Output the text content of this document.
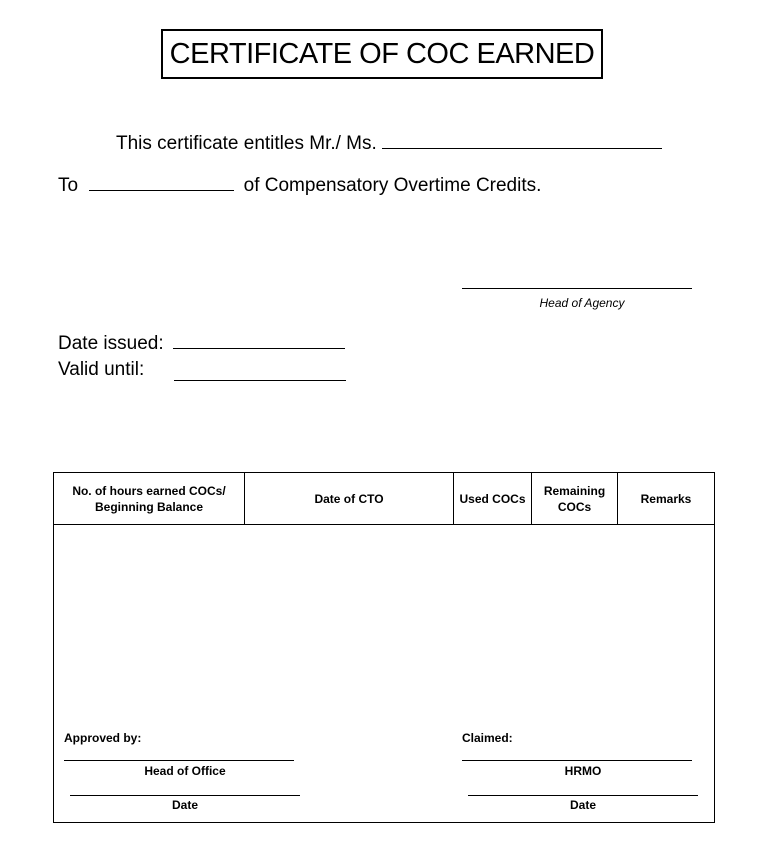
CERTIFICATE OF COC EARNED
This certificate entitles Mr./ Ms.
To	of Compensatory Overtime Credits.
Head of Agency
Date issued:
Valid until:
No. of hours earned COCs/ Beginning Balance
Date of CTO	Used COCs
Remaining COCs
Remarks
Approved by:
Head of Office
Date
Claimed:
HRMO
Date
